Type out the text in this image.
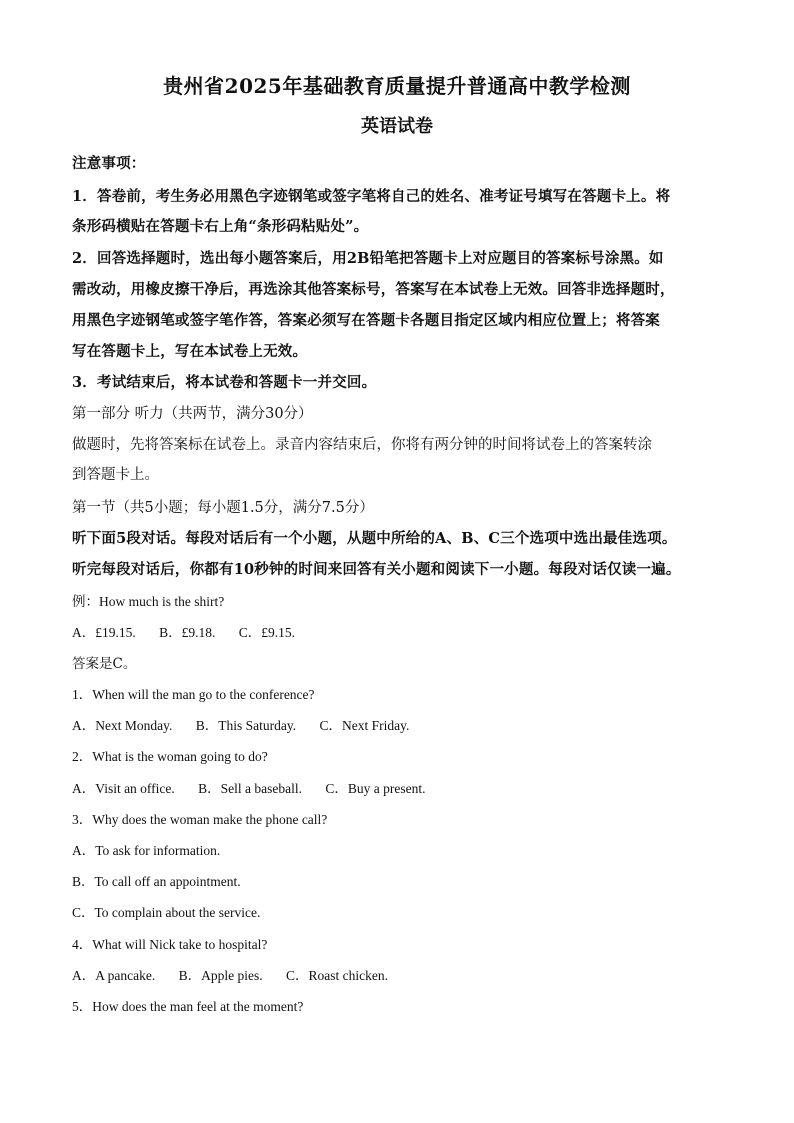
贵州省2025年基础教育质量提升普通高中教学检测
英语试卷
注意事项：
1．答卷前，考生务必用黑色字迹钢笔或签字笔将自己的姓名、准考证号填写在答题卡上。将
条形码横贴在答题卡右上角“条形码粘贴处”。
2．回答选择题时，选出每小题答案后，用2B铅笔把答题卡上对应题目的答案标号涂黑。如
需改动，用橡皮擦干净后，再选涂其他答案标号，答案写在本试卷上无效。回答非选择题时，
用黑色字迹钢笔或签字笔作答，答案必须写在答题卡各题目指定区域内相应位置上；将答案
写在答题卡上，写在本试卷上无效。
3．考试结束后，将本试卷和答题卡一并交回。
第一部分 听力（共两节，满分30分）
做题时，先将答案标在试卷上。录音内容结束后，你将有两分钟的时间将试卷上的答案转涂
到答题卡上。
第一节（共5小题；每小题1.5分，满分7.5分）
听下面5段对话。每段对话后有一个小题，从题中所给的A、B、C三个选项中选出最佳选项。
听完每段对话后，你都有10秒钟的时间来回答有关小题和阅读下一小题。每段对话仅读一遍。
例：How much is the shirt?
A．£19.15. B．£9.18. C．£9.15.
答案是C。
1．When will the man go to the conference?
A．Next Monday. B．This Saturday. C．Next Friday.
2．What is the woman going to do?
A．Visit an office. B．Sell a baseball. C．Buy a present.
3．Why does the woman make the phone call?
A．To ask for information.
B．To call off an appointment.
C．To complain about the service.
4．What will Nick take to hospital?
A．A pancake. B．Apple pies. C．Roast chicken.
5．How does the man feel at the moment?
